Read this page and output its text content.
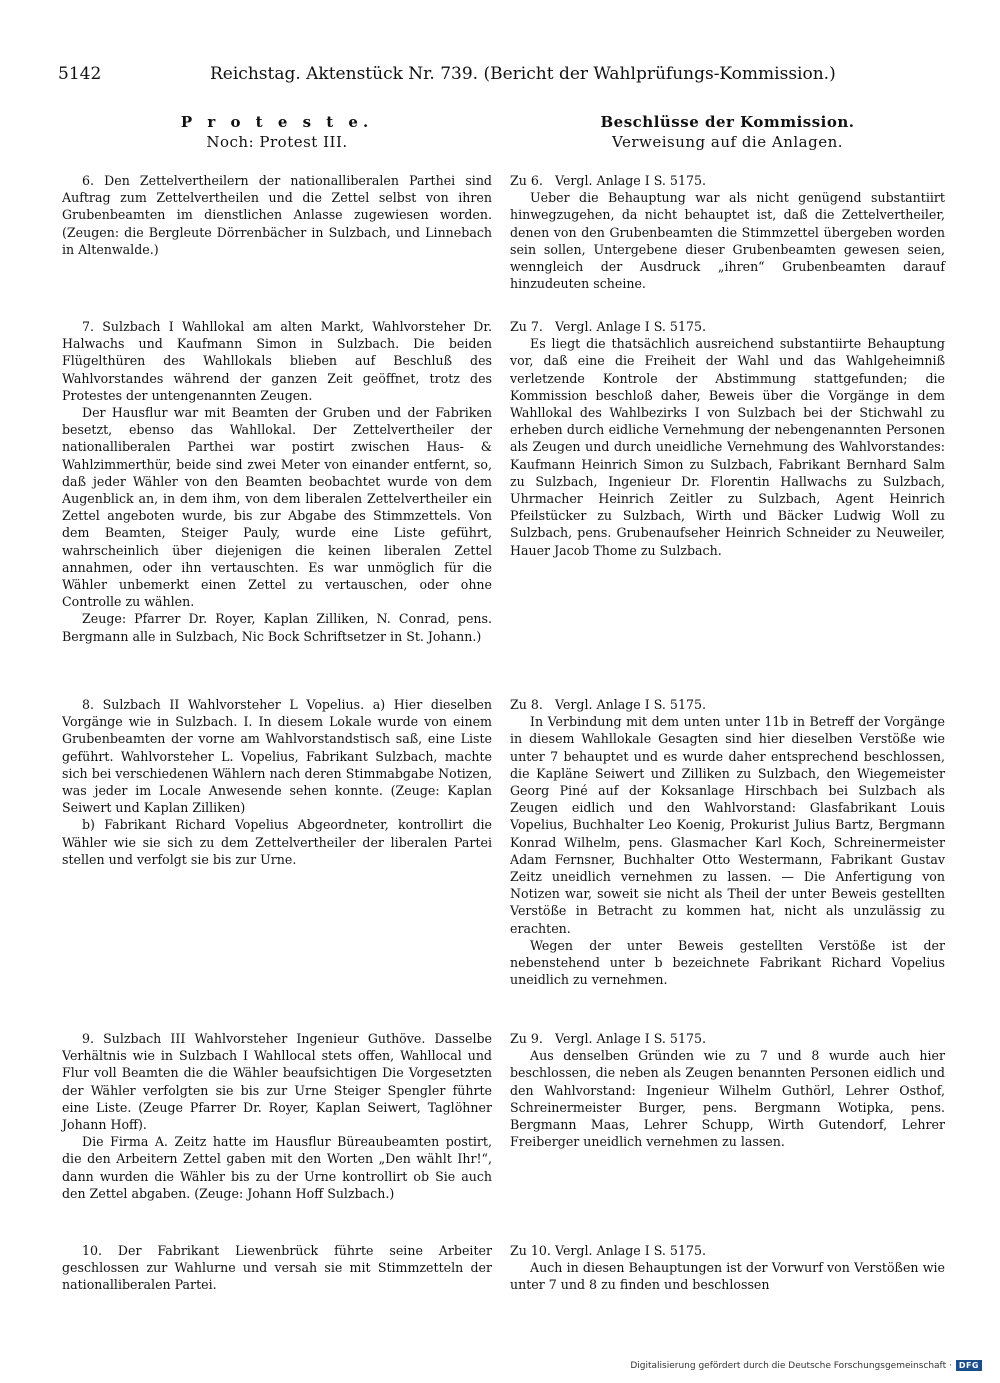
5142	Reichstag. Aktenstück Nr. 739. (Bericht der Wahlprüfungs-Kommission.)
P r o t e s t e.
Noch: Protest III.

6. Den Zettelvertheilern der nationalliberalen Parthei sind Auftrag zum Zettelvertheilen und die Zettel selbst von ihren Grubenbeamten im dienstlichen Anlasse zugewiesen worden. (Zeugen: die Bergleute Dörrenbächer in Sulzbach, und Linnebach in Altenwalde.)

7. Sulzbach I Wahllokal am alten Markt, Wahlvorsteher Dr. Halwachs und Kaufmann Simon in Sulzbach. Die beiden Flügelthüren des Wahllokals blieben auf Beschluß des Wahlvorstandes während der ganzen Zeit geöffnet, trotz des Protestes der untengenannten Zeugen.

Der Hausflur war mit Beamten der Gruben und der Fabriken besetzt, ebenso das Wahllokal. Der Zettelvertheiler der nationalliberalen Parthei war postirt zwischen Haus- & Wahlzimmerthür, beide sind zwei Meter von einander entfernt, so, daß jeder Wähler von den Beamten beobachtet wurde von dem Augenblick an, in dem ihm, von dem liberalen Zettelvertheiler ein Zettel angeboten wurde, bis zur Abgabe des Stimmzettels. Von dem Beamten, Steiger Pauly, wurde eine Liste geführt, wahrscheinlich über diejenigen die keinen liberalen Zettel annahmen, oder ihn vertauschten. Es war unmöglich für die Wähler unbemerkt einen Zettel zu vertauschen, oder ohne Controlle zu wählen.

Zeuge: Pfarrer Dr. Royer, Kaplan Zilliken, N. Conrad, pens. Bergmann alle in Sulzbach, Nic Bock Schriftsetzer in St. Johann.)

8. Sulzbach II Wahlvorsteher L Vopelius. a) Hier dieselben Vorgänge wie in Sulzbach. I. In diesem Lokale wurde von einem Grubenbeamten der vorne am Wahlvorstandstisch saß, eine Liste geführt. Wahlvorsteher L. Vopelius, Fabrikant Sulzbach, machte sich bei verschiedenen Wählern nach deren Stimmabgabe Notizen, was jeder im Locale Anwesende sehen konnte. (Zeuge: Kaplan Seiwert und Kaplan Zilliken)

b) Fabrikant Richard Vopelius Abgeordneter, kontrollirt die Wähler wie sie sich zu dem Zettelvertheiler der liberalen Partei stellen und verfolgt sie bis zur Urne.

9. Sulzbach III Wahlvorsteher Ingenieur Guthöve. Dasselbe Verhältnis wie in Sulzbach I Wahllocal stets offen, Wahllocal und Flur voll Beamten die die Wähler beaufsichtigen Die Vorgesetzten der Wähler verfolgten sie bis zur Urne Steiger Spengler führte eine Liste. (Zeuge Pfarrer Dr. Royer, Kaplan Seiwert, Taglöhner Johann Hoff).

Die Firma A. Zeitz hatte im Hausflur Büreaubeamten postirt, die den Arbeitern Zettel gaben mit den Worten „Den wählt Ihr!“, dann wurden die Wähler bis zu der Urne kontrollirt ob Sie auch den Zettel abgaben. (Zeuge: Johann Hoff Sulzbach.)

10. Der Fabrikant Liewenbrück führte seine Arbeiter geschlossen zur Wahlurne und versah sie mit Stimmzetteln der nationalliberalen Partei.

Beschlüsse der Kommission.
Verweisung auf die Anlagen.
Zu 6. Vergl. Anlage I S. 5175.

Ueber die Behauptung war als nicht genügend substantiirt hinwegzugehen, da nicht behauptet ist, daß die Zettelvertheiler, denen von den Grubenbeamten die Stimmzettel übergeben worden sein sollen, Untergebene dieser Grubenbeamten gewesen seien, wenngleich der Ausdruck „ihren“ Grubenbeamten darauf hinzudeuten scheine.

Zu 7. Vergl. Anlage I S. 5175.

Es liegt die thatsächlich ausreichend substantiirte Behauptung vor, daß eine die Freiheit der Wahl und das Wahlgeheimniß verletzende Kontrole der Abstimmung stattgefunden; die Kommission beschloß daher, Beweis über die Vorgänge in dem Wahllokal des Wahlbezirks I von Sulzbach bei der Stichwahl zu erheben durch eidliche Vernehmung der nebengenannten Personen als Zeugen und durch uneidliche Vernehmung des Wahlvorstandes: Kaufmann Heinrich Simon zu Sulzbach, Fabrikant Bernhard Salm zu Sulzbach, Ingenieur Dr. Florentin Hallwachs zu Sulzbach, Uhrmacher Heinrich Zeitler zu Sulzbach, Agent Heinrich Pfeilstücker zu Sulzbach, Wirth und Bäcker Ludwig Woll zu Sulzbach, pens. Grubenaufseher Heinrich Schneider zu Neuweiler, Hauer Jacob Thome zu Sulzbach.

Zu 8. Vergl. Anlage I S. 5175.

In Verbindung mit dem unten unter 11b in Betreff der Vorgänge in diesem Wahllokale Gesagten sind hier dieselben Verstöße wie unter 7 behauptet und es wurde daher entsprechend beschlossen, die Kapläne Seiwert und Zilliken zu Sulzbach, den Wiegemeister Georg Piné auf der Koksanlage Hirschbach bei Sulzbach als Zeugen eidlich und den Wahlvorstand: Glasfabrikant Louis Vopelius, Buchhalter Leo Koenig, Prokurist Julius Bartz, Bergmann Konrad Wilhelm, pens. Glasmacher Karl Koch, Schreinermeister Adam Fernsner, Buchhalter Otto Westermann, Fabrikant Gustav Zeitz uneidlich vernehmen zu lassen. — Die Anfertigung von Notizen war, soweit sie nicht als Theil der unter Beweis gestellten Verstöße in Betracht zu kommen hat, nicht als unzulässig zu erachten.

Wegen der unter Beweis gestellten Verstöße ist der nebenstehend unter b bezeichnete Fabrikant Richard Vopelius uneidlich zu vernehmen.

Zu 9. Vergl. Anlage I S. 5175.

Aus denselben Gründen wie zu 7 und 8 wurde auch hier beschlossen, die neben als Zeugen benannten Personen eidlich und den Wahlvorstand: Ingenieur Wilhelm Guthörl, Lehrer Osthof, Schreinermeister Burger, pens. Bergmann Wotipka, pens. Bergmann Maas, Lehrer Schupp, Wirth Gutendorf, Lehrer Freiberger uneidlich vernehmen zu lassen.

Zu 10. Vergl. Anlage I S. 5175.

Auch in diesen Behauptungen ist der Vorwurf von Verstößen wie unter 7 und 8 zu finden und beschlossen

Digitalisierung gefördert durch die Deutsche Forschungsgemeinschaft · DFG
